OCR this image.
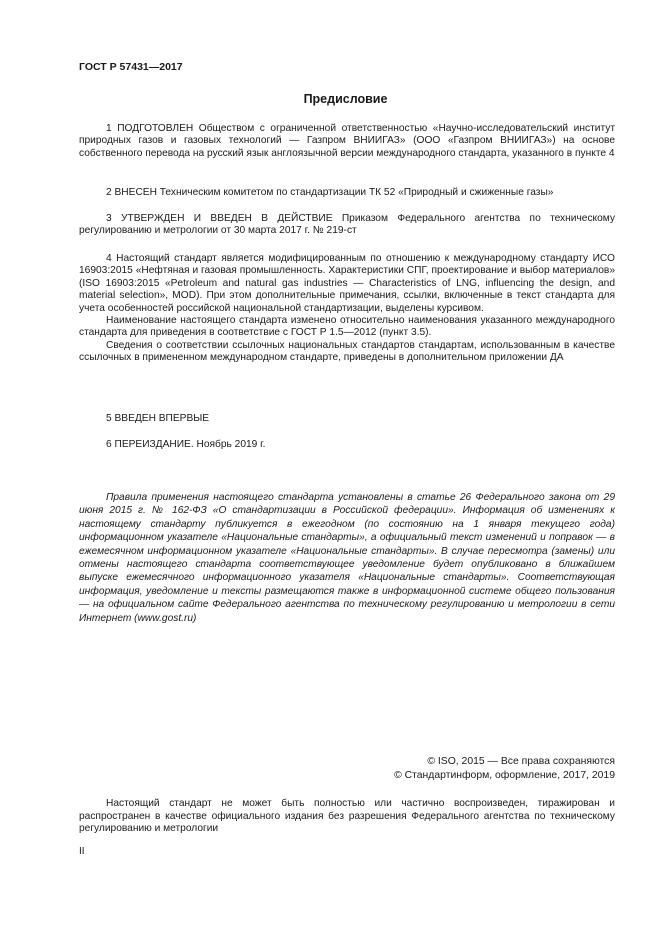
ГОСТ Р 57431—2017
Предисловие

1 ПОДГОТОВЛЕН Обществом с ограниченной ответственностью «Научно-исследовательский институт природных газов и газовых технологий — Газпром ВНИИГАЗ» (ООО «Газпром ВНИИГАЗ») на основе собственного перевода на русский язык англоязычной версии международного стандарта, указанного в пункте 4

2 ВНЕСЕН Техническим комитетом по стандартизации ТК 52 «Природный и сжиженные газы»

3 УТВЕРЖДЕН И ВВЕДЕН В ДЕЙСТВИЕ Приказом Федерального агентства по техническому регулированию и метрологии от 30 марта 2017 г. № 219-ст

4 Настоящий стандарт является модифицированным по отношению к международному стандарту ИСО 16903:2015 «Нефтяная и газовая промышленность. Характеристики СПГ, проектирование и выбор материалов» (ISO 16903:2015 «Petroleum and natural gas industries — Characteristics of LNG, influencing the design, and material selection», MOD). При этом дополнительные примечания, ссылки, включенные в текст стандарта для учета особенностей российской национальной стандартизации, выделены курсивом.

Наименование настоящего стандарта изменено относительно наименования указанного международного стандарта для приведения в соответствие с ГОСТ Р 1.5—2012 (пункт 3.5).

Сведения о соответствии ссылочных национальных стандартов стандартам, использованным в качестве ссылочных в примененном международном стандарте, приведены в дополнительном приложении ДА

5 ВВЕДЕН ВПЕРВЫЕ

6 ПЕРЕИЗДАНИЕ. Ноябрь 2019 г.

Правила применения настоящего стандарта установлены в статье 26 Федерального закона от 29 июня 2015 г. № 162-ФЗ «О стандартизации в Российской федерации». Информация об изменениях к настоящему стандарту публикуется в ежегодном (по состоянию на 1 января текущего года) информационном указателе «Национальные стандарты», а официальный текст изменений и поправок — в ежемесячном информационном указателе «Национальные стандарты». В случае пересмотра (замены) или отмены настоящего стандарта соответствующее уведомление будет опубликовано в ближайшем выпуске ежемесячного информационного указателя «Национальные стандарты». Соответствующая информация, уведомление и тексты размещаются также в информационной системе общего пользования — на официальном сайте Федерального агентства по техническому регулированию и метрологии в сети Интернет (www.gost.ru)

© ISO, 2015 — Все права сохраняются
© Стандартинформ, оформление, 2017, 2019

Настоящий стандарт не может быть полностью или частично воспроизведен, тиражирован и распространен в качестве официального издания без разрешения Федерального агентства по техническому регулированию и метрологии

II
